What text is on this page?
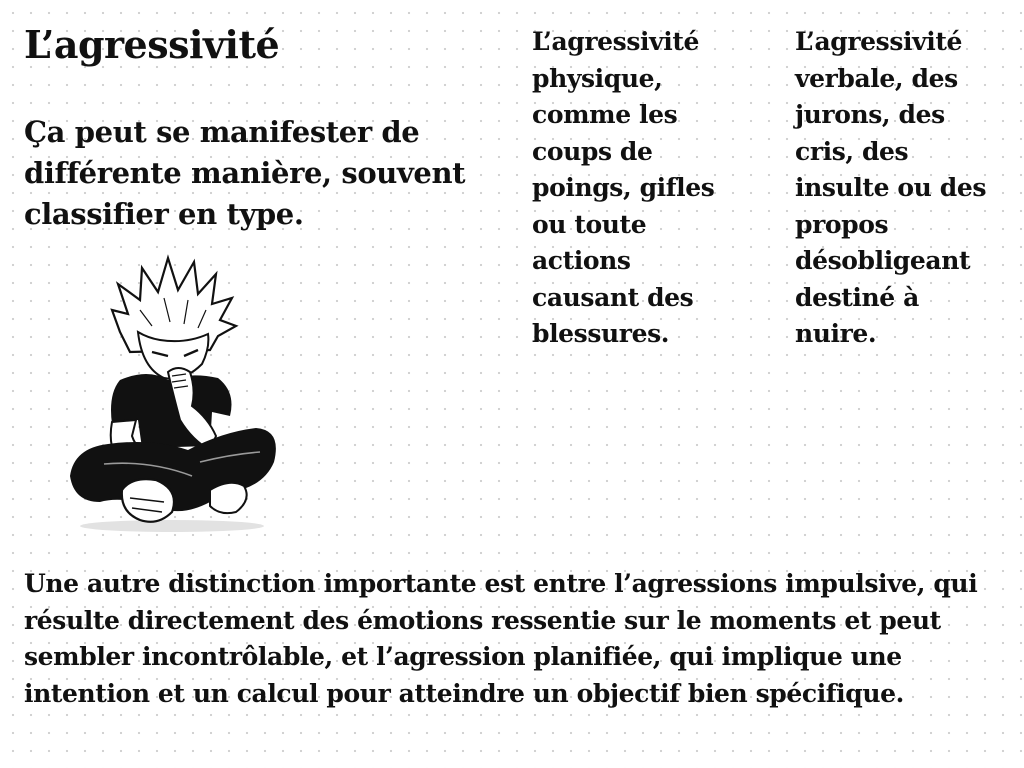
L’agressivité

Ça peut se manifester de différente manière, souvent classifier en type.

L’agressivité
physique,
comme les
coups de
poings, gifles
ou toute
actions
causant des
blessures.

L’agressivité
verbale, des
jurons, des
cris, des
insulte ou des
propos
désobligeant
destiné à
nuire.

Une autre distinction importante est entre l’agressions impulsive, qui résulte directement des émotions ressentie sur le moments et peut sembler incontrôlable, et l’agression planifiée, qui implique une intention et un calcul pour atteindre un objectif bien spécifique.
